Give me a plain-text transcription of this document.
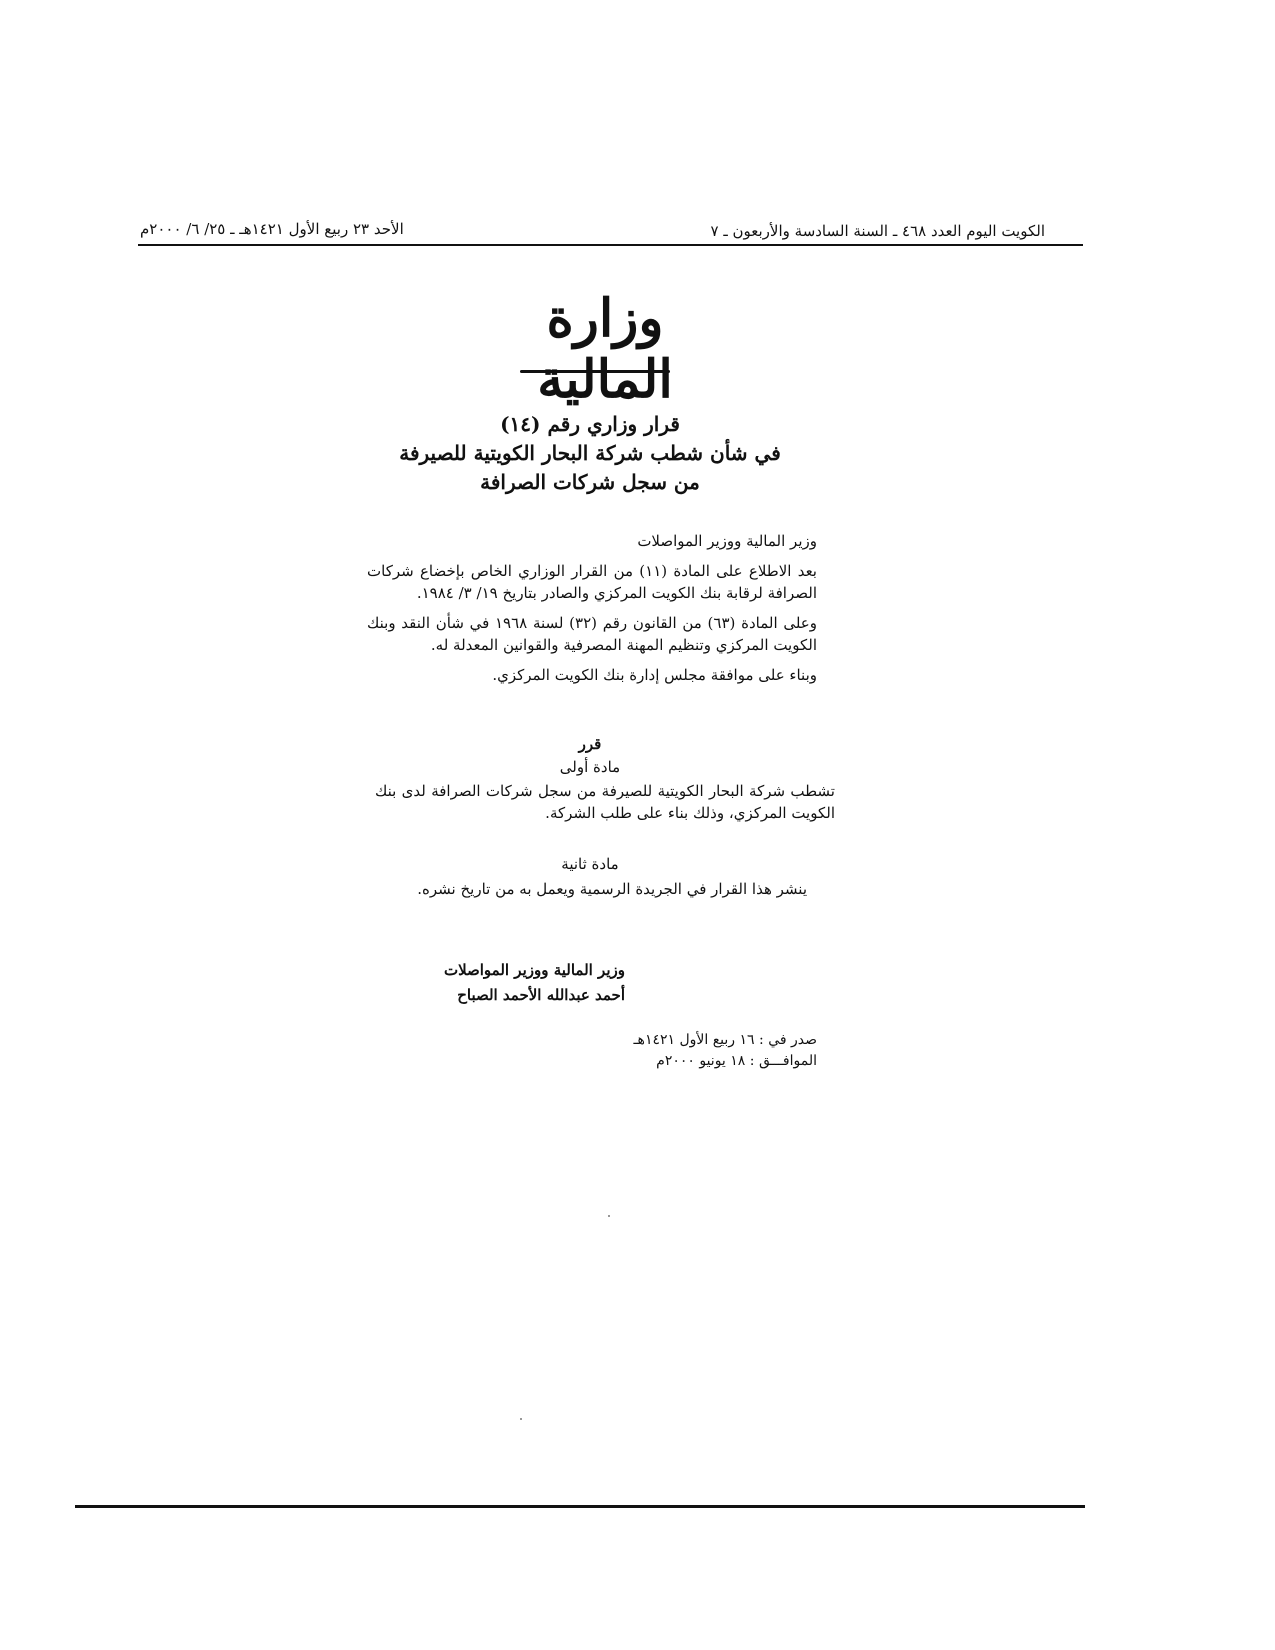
الكويت اليوم العدد ٤٦٨ ـ السنة السادسة والأربعون ـ ٧
الأحد ٢٣ ربيع الأول ١٤٢١هـ ـ ٢٥/ ٦/ ٢٠٠٠م
وزارة المالية
قرار وزاري رقم (١٤)
في شأن شطب شركة البحار الكويتية للصيرفة
من سجل شركات الصرافة

وزير المالية ووزير المواصلات

بعد الاطلاع على المادة (١١) من القرار الوزاري الخاص بإخضاع شركات الصرافة لرقابة بنك الكويت المركزي والصادر بتاريخ ١٩/ ٣/ ١٩٨٤.

وعلى المادة (٦٣) من القانون رقم (٣٢) لسنة ١٩٦٨ في شأن النقد وبنك الكويت المركزي وتنظيم المهنة المصرفية والقوانين المعدلة له.

وبناء على موافقة مجلس إدارة بنك الكويت المركزي.

قرر
مادة أولى
تشطب شركة البحار الكويتية للصيرفة من سجل شركات الصرافة لدى بنك الكويت المركزي، وذلك بناء على طلب الشركة.
مادة ثانية
ينشر هذا القرار في الجريدة الرسمية ويعمل به من تاريخ نشره.
وزير المالية ووزير المواصلات
أحمد عبدالله الأحمد الصباح
صدر في : ١٦ ربيع الأول ١٤٢١هـ
الموافـــق : ١٨ يونيو ٢٠٠٠م
